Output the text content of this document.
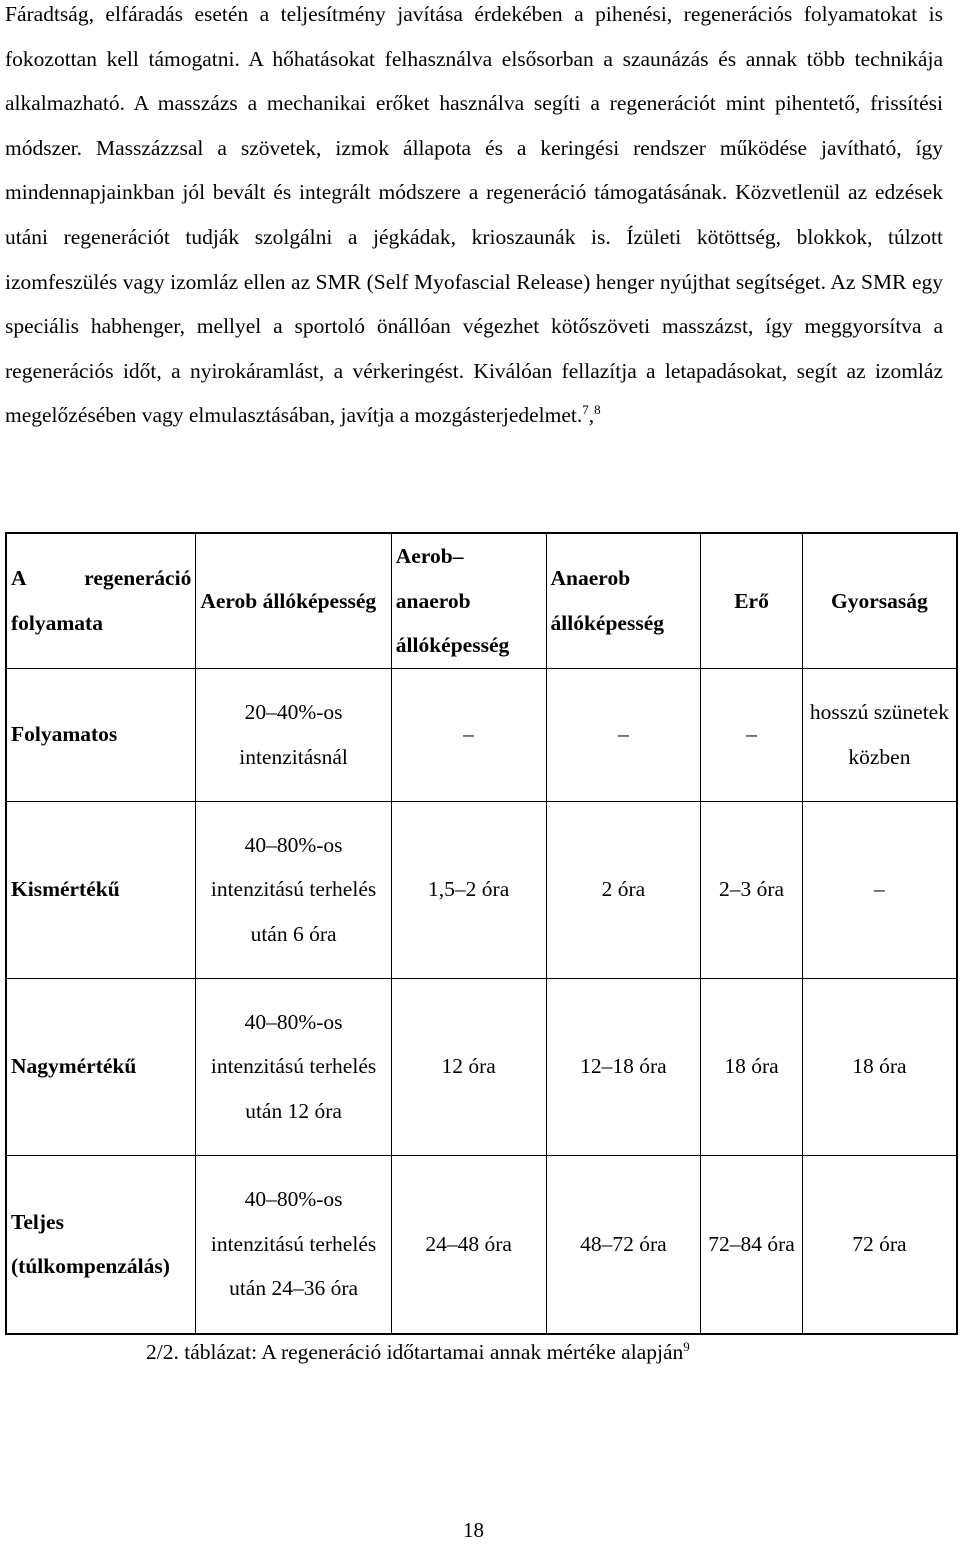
Fáradtság, elfáradás esetén a teljesítmény javítása érdekében a pihenési, regenerációs folyamatokat is fokozottan kell támogatni. A hőhatásokat felhasználva elsősorban a szaunázás és annak több technikája alkalmazható. A masszázs a mechanikai erőket használva segíti a regenerációt mint pihentető, frissítési módszer. Masszázzsal a szövetek, izmok állapota és a keringési rendszer működése javítható, így mindennapjainkban jól bevált és integrált módszere a regeneráció támogatásának. Közvetlenül az edzések utáni regenerációt tudják szolgálni a jégkádak, krioszaunák is. Ízületi kötöttség, blokkok, túlzott izomfeszülés vagy izomláz ellen az SMR (Self Myofascial Release) henger nyújthat segítséget. Az SMR egy speciális habhenger, mellyel a sportoló önállóan végezhet kötőszöveti masszázst, így meggyorsítva a regenerációs időt, a nyirokáramlást, a vérkeringést. Kiválóan fellazítja a letapadásokat, segít az izomláz megelőzésében vagy elmulasztásában, javítja a mozgásterjedelmet.$^7$,$^8$

A regeneráció folyamata	Aerob állóképesség	Aerob– anaerob állóképesség	Anaerob állóképesség	Erő	Gyorsaság
Folyamatos	20–40%-os intenzitásnál	–	–	–	hosszú szünetek közben
Kismértékű	40–80%-os intenzitású terhelés után 6 óra	1,5–2 óra	2 óra	2–3 óra	–
Nagymértékű	40–80%-os intenzitású terhelés után 12 óra	12 óra	12–18 óra	18 óra	18 óra
Teljes (túlkompenzálás)	40–80%-os intenzitású terhelés után 24–36 óra	24–48 óra	48–72 óra	72–84 óra	72 óra
2/2. táblázat: A regeneráció időtartamai annak mértéke alapján$^9$
18
